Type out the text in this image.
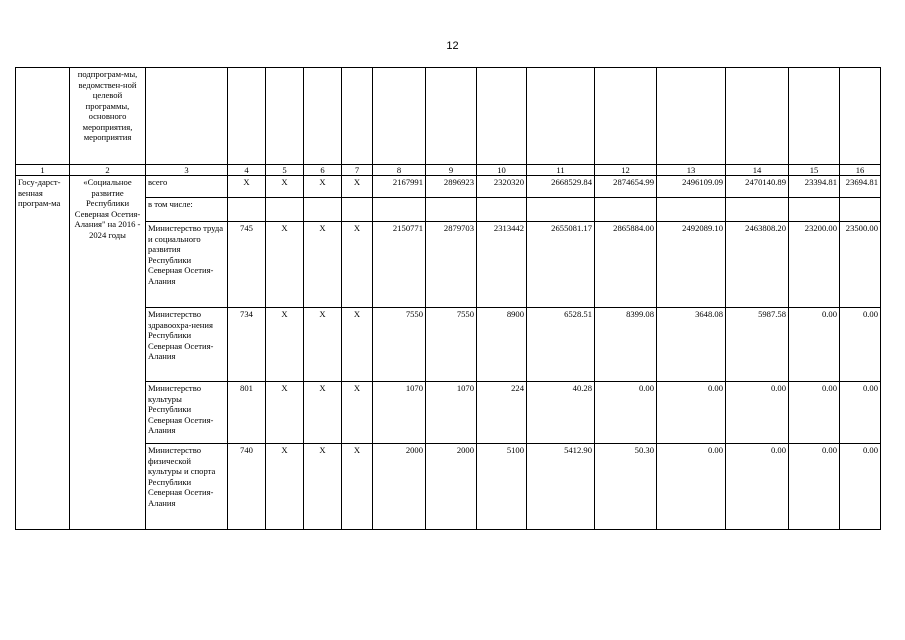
12
	подпрограм-мы, ведомствен-ной целевой программы, основного мероприятия, мероприятия														
1	2	3	4	5	6	7	8	9	10	11	12	13	14	15	16
Госу-дарст-венная програм-ма	«Социальное развитие Республики Северная Осетия-Алания" на 2016 - 2024 годы	всего	X	X	X	X	2167991	2896923	2320320	2668529.84	2874654.99	2496109.09	2470140.89	23394.81	23694.81
		в том числе:													
		Министерство труда и социального развития Республики Северная Осетия-Алания	745	X	X	X	2150771	2879703	2313442	2655081.17	2865884.00	2492089.10	2463808.20	23200.00	23500.00
		Министерство здравоохра-нения Республики Северная Осетия-Алания	734	X	X	X	7550	7550	8900	6528.51	8399.08	3648.08	5987.58	0.00	0.00
		Министерство культуры Республики Северная Осетия-Алания	801	X	X	X	1070	1070	224	40.28	0.00	0.00	0.00	0.00	0.00
		Министерство физической культуры и спорта Республики Северная Осетия-Алания	740	X	X	X	2000	2000	5100	5412.90	50.30	0.00	0.00	0.00	0.00
